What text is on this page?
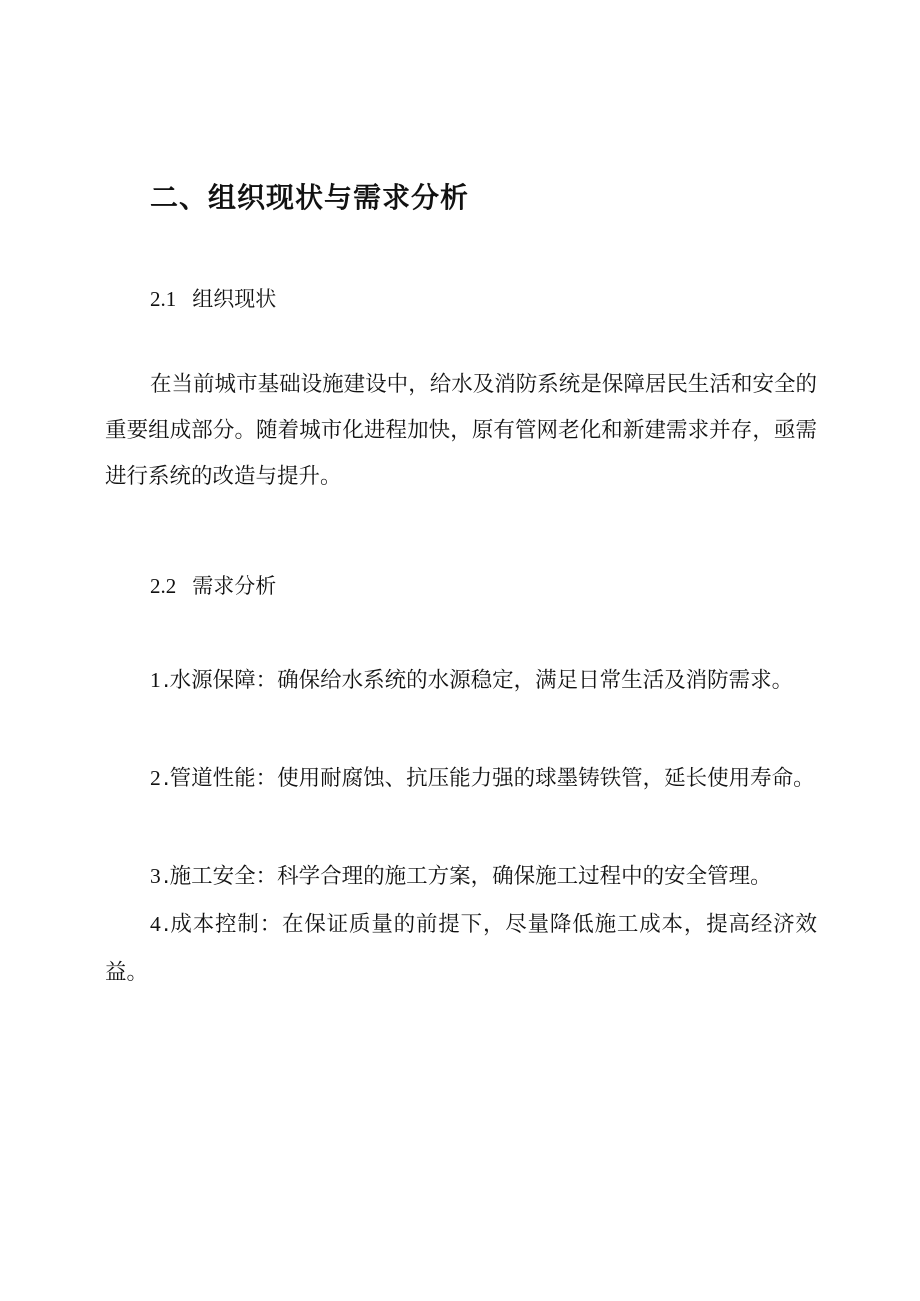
二、组织现状与需求分析
2.1 组织现状

在当前城市基础设施建设中，给水及消防系统是保障居民生活和安全的重要组成部分。随着城市化进程加快，原有管网老化和新建需求并存，亟需进行系统的改造与提升。

2.2 需求分析

1.水源保障：确保给水系统的水源稳定，满足日常生活及消防需求。

2.管道性能：使用耐腐蚀、抗压能力强的球墨铸铁管，延长使用寿命。

3.施工安全：科学合理的施工方案，确保施工过程中的安全管理。

4.成本控制：在保证质量的前提下，尽量降低施工成本，提高经济效益。
